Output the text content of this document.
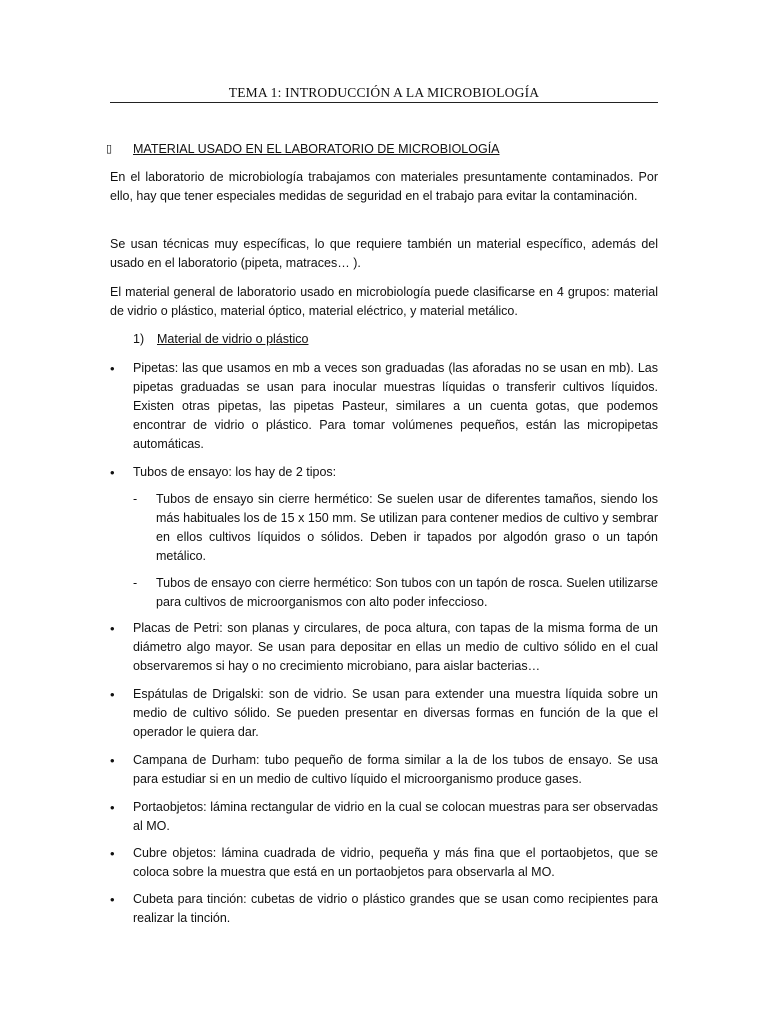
TEMA 1: INTRODUCCIÓN A LA MICROBIOLOGÍA
▯ MATERIAL USADO EN EL LABORATORIO DE MICROBIOLOGÍA
En el laboratorio de microbiología trabajamos con materiales presuntamente contaminados. Por ello, hay que tener especiales medidas de seguridad en el trabajo para evitar la contaminación.
Se usan técnicas muy específicas, lo que requiere también un material específico, además del usado en el laboratorio (pipeta, matraces… ).
El material general de laboratorio usado en microbiología puede clasificarse en 4 grupos: material de vidrio o plástico, material óptico, material eléctrico, y material metálico.
1) Material de vidrio o plástico
• Pipetas: las que usamos en mb a veces son graduadas (las aforadas no se usan en mb). Las pipetas graduadas se usan para inocular muestras líquidas o transferir cultivos líquidos. Existen otras pipetas, las pipetas Pasteur, similares a un cuenta gotas, que podemos encontrar de vidrio o plástico. Para tomar volúmenes pequeños, están las micropipetas automáticas.
• Tubos de ensayo: los hay de 2 tipos:
- Tubos de ensayo sin cierre hermético: Se suelen usar de diferentes tamaños, siendo los más habituales los de 15 x 150 mm. Se utilizan para contener medios de cultivo y sembrar en ellos cultivos líquidos o sólidos. Deben ir tapados por algodón graso o un tapón metálico.
- Tubos de ensayo con cierre hermético: Son tubos con un tapón de rosca. Suelen utilizarse para cultivos de microorganismos con alto poder infeccioso.
• Placas de Petri: son planas y circulares, de poca altura, con tapas de la misma forma de un diámetro algo mayor. Se usan para depositar en ellas un medio de cultivo sólido en el cual observaremos si hay o no crecimiento microbiano, para aislar bacterias…
• Espátulas de Drigalski: son de vidrio. Se usan para extender una muestra líquida sobre un medio de cultivo sólido. Se pueden presentar en diversas formas en función de la que el operador le quiera dar.
• Campana de Durham: tubo pequeño de forma similar a la de los tubos de ensayo. Se usa para estudiar si en un medio de cultivo líquido el microorganismo produce gases.
• Portaobjetos: lámina rectangular de vidrio en la cual se colocan muestras para ser observadas al MO.
• Cubre objetos: lámina cuadrada de vidrio, pequeña y más fina que el portaobjetos, que se coloca sobre la muestra que está en un portaobjetos para observarla al MO.
• Cubeta para tinción: cubetas de vidrio o plástico grandes que se usan como recipientes para realizar la tinción.
